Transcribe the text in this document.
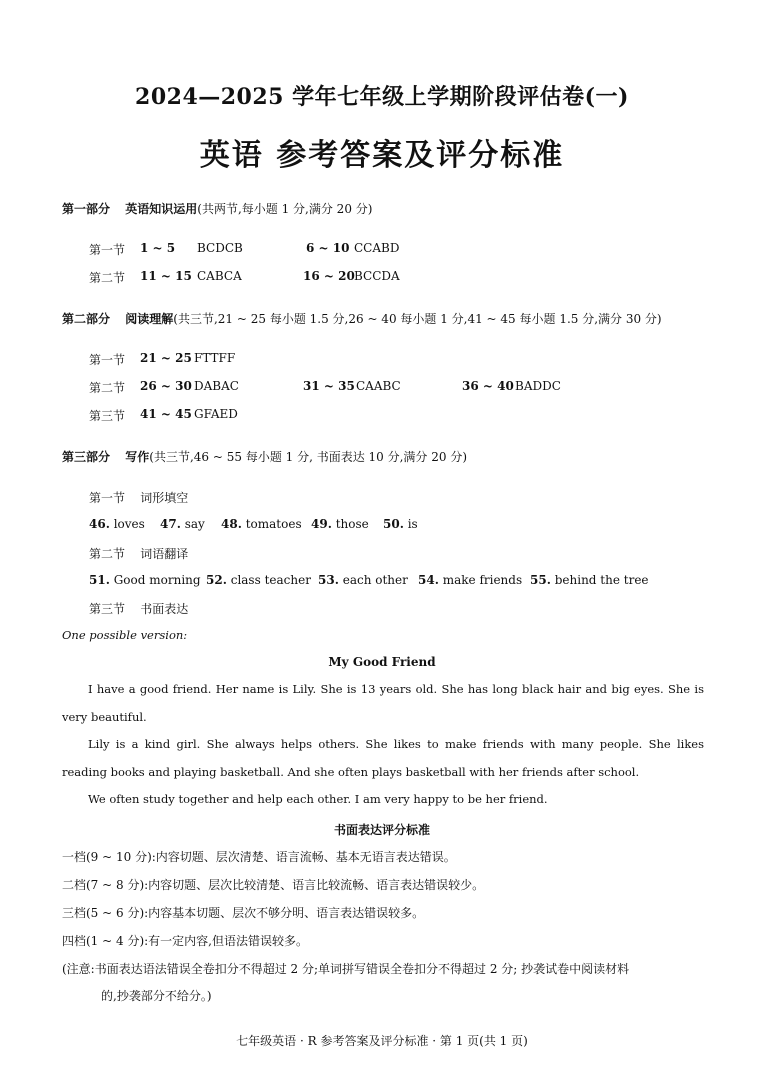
2024—2025 学年七年级上学期阶段评估卷(一)
英语 参考答案及评分标准
第一部分 英语知识运用(共两节,每小题 1 分,满分 20 分)
第一节 1 ~ 5 BCDCB	6 ~ 10 CCABD
第二节 11 ~ 15 CABCA	16 ~ 20 BCCDA
第二部分 阅读理解(共三节,21 ~ 25 每小题 1.5 分,26 ~ 40 每小题 1 分,41 ~ 45 每小题 1.5 分,满分 30 分)
第一节 21 ~ 25 FTTFF
第二节 26 ~ 30 DABAC	31 ~ 35 CAABC	36 ~ 40 BADDC
第三节 41 ~ 45 GFAED
第三部分 写作(共三节,46 ~ 55 每小题 1 分, 书面表达 10 分,满分 20 分)
第一节 词形填空
46. loves 47. say 48. tomatoes 49. those 50. is
第二节 词语翻译
51. Good morning 52. class teacher 53. each other 54. make friends 55. behind the tree
第三节 书面表达
One possible version:
My Good Friend
I have a good friend. Her name is Lily. She is 13 years old. She has long black hair and big eyes. She is very beautiful.
Lily is a kind girl. She always helps others. She likes to make friends with many people. She likes reading books and playing basketball. And she often plays basketball with her friends after school.
We often study together and help each other. I am very happy to be her friend.
书面表达评分标准
一档(9 ~ 10 分):内容切题、层次清楚、语言流畅、基本无语言表达错误。
二档(7 ~ 8 分):内容切题、层次比较清楚、语言比较流畅、语言表达错误较少。
三档(5 ~ 6 分):内容基本切题、层次不够分明、语言表达错误较多。
四档(1 ~ 4 分):有一定内容,但语法错误较多。
(注意:书面表达语法错误全卷扣分不得超过 2 分;单词拼写错误全卷扣分不得超过 2 分; 抄袭试卷中阅读材料
的,抄袭部分不给分。)
七年级英语 · R 参考答案及评分标准 · 第 1 页(共 1 页)
